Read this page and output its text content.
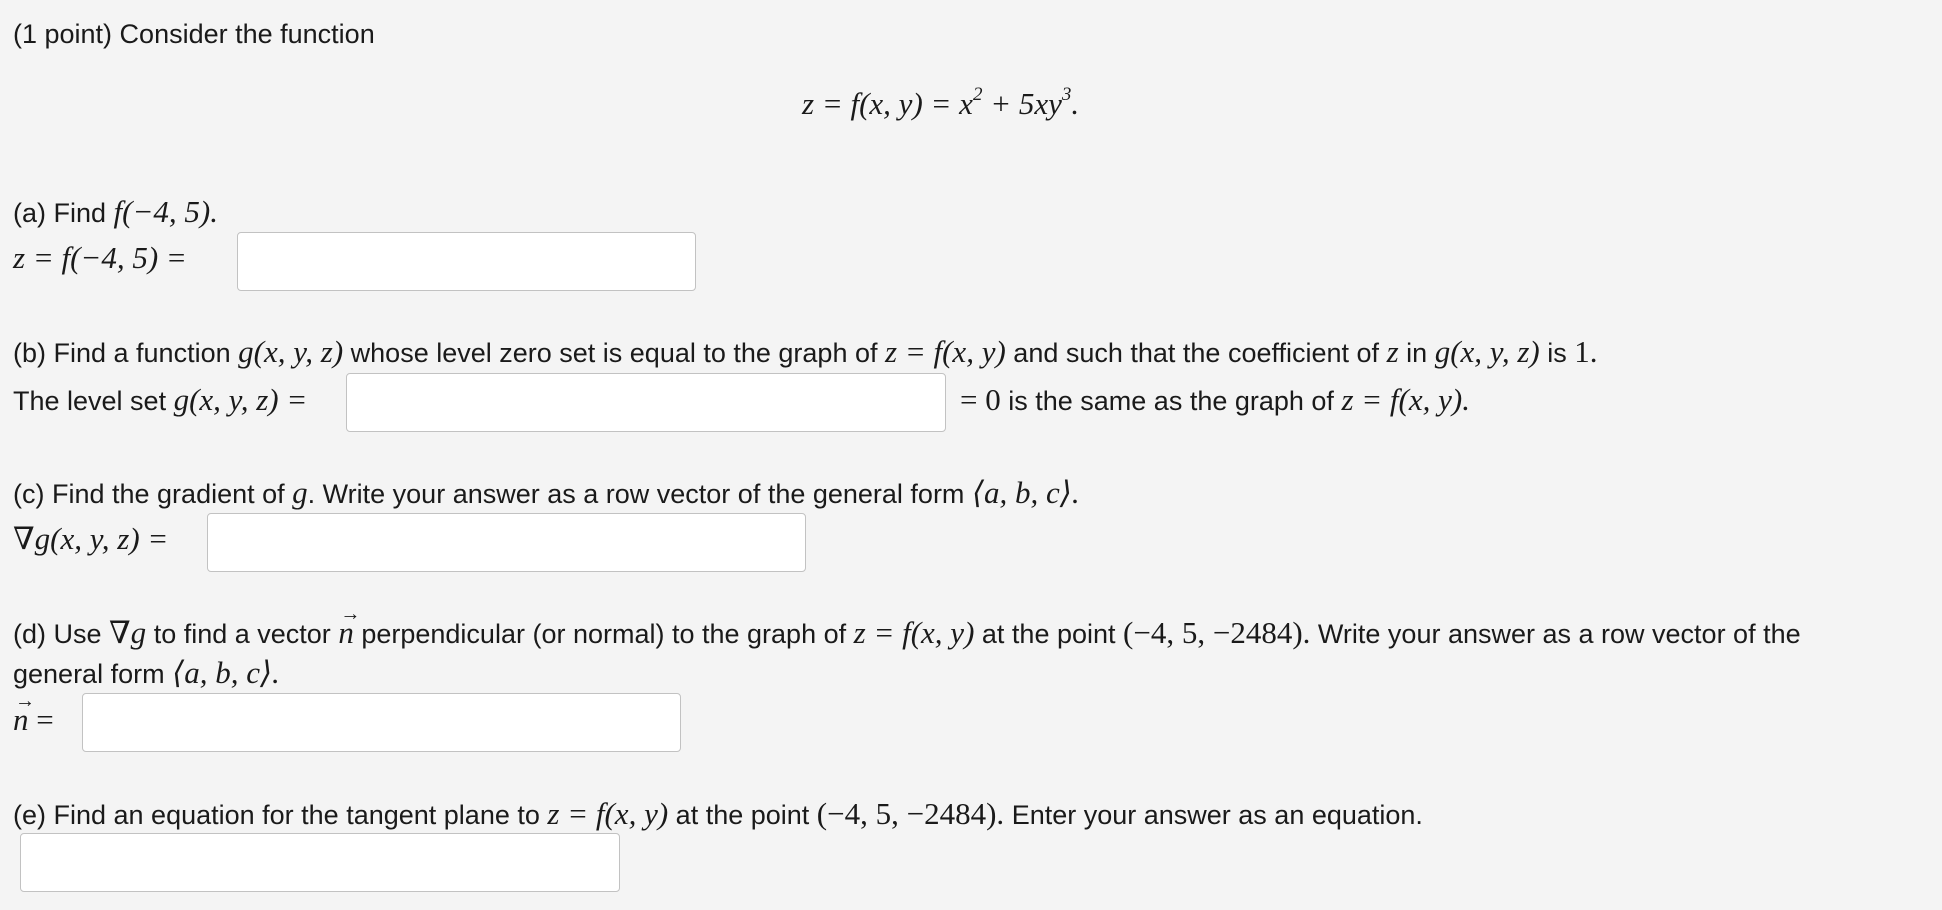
(1 point) Consider the function
z = f(x, $y) = x^2 + 5xy^3$.
(a) Find f(−4, 5).
z = f(−4, 5) =
(b) Find a function g(x, y, z) whose level zero set is equal to the graph of z = f(x, y) and such that the coefficient of z in g(x, y, z) is 1.
The level set g(x, y, z) =	= 0 is the same as the graph of z = f(x, y).
(c) Find the gradient of g. Write your answer as a row vector of the general form ⟨a, b, c⟩.
∇g(x, y, z) =
(d) Use ∇g to find a vector → n perpendicular (or normal) to the graph of z = f(x, y) at the point (−4, 5, −2484). Write your answer as a row vector of the
general form ⟨a, b, c⟩.
→ n =
(e) Find an equation for the tangent plane to z = f(x, y) at the point (−4, 5, −2484). Enter your answer as an equation.
